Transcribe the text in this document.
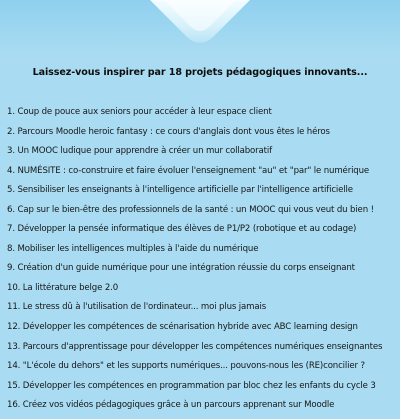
Laissez-vous inspirer par 18 projets pédagogiques innovants...
1. Coup de pouce aux seniors pour accéder à leur espace client
2. Parcours Moodle heroic fantasy : ce cours d'anglais dont vous êtes le héros
3. Un MOOC ludique pour apprendre à créer un mur collaboratif
4. NUMÉSITE : co-construire et faire évoluer l'enseignement "au" et "par" le numérique
5. Sensibiliser les enseignants à l'intelligence artificielle par l'intelligence artificielle
6. Cap sur le bien-être des professionnels de la santé : un MOOC qui vous veut du bien !
7. Développer la pensée informatique des élèves de P1/P2 (robotique et au codage)
8. Mobiliser les intelligences multiples à l'aide du numérique
9. Création d'un guide numérique pour une intégration réussie du corps enseignant
10. La littérature belge 2.0
11. Le stress dû à l'utilisation de l'ordinateur... moi plus jamais
12. Développer les compétences de scénarisation hybride avec ABC learning design
13. Parcours d'apprentissage pour développer les compétences numériques enseignantes
14. "L'école du dehors" et les supports numériques... pouvons-nous les (RE)concilier ?
15. Développer les compétences en programmation par bloc chez les enfants du cycle 3
16. Créez vos vidéos pédagogiques grâce à un parcours apprenant sur Moodle
